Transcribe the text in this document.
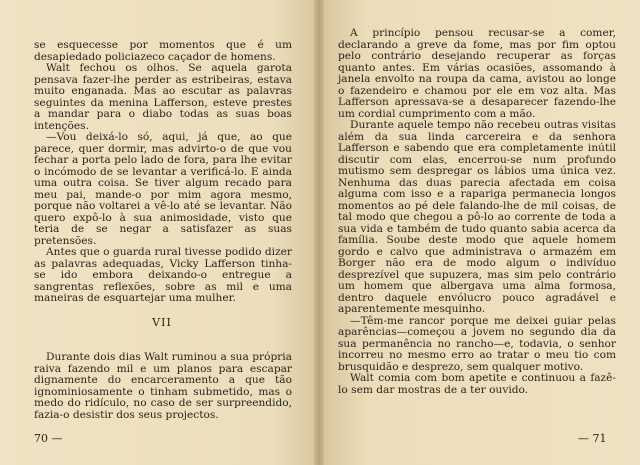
se esquecesse por momentos que é um desapiedado policiazeco caçador de homens.

Walt fechou os olhos. Se aquela garota pensava fazer-lhe perder as estribeiras, estava muito enganada. Mas ao escutar as palavras seguintes da menina Lafferson, esteve prestes a mandar para o diabo todas as suas boas intenções.

—Vou deixá-lo só, aqui, já que, ao que parece, quer dormir, mas advirto-o de que vou fechar a porta pelo lado de fora, para lhe evitar o incómodo de se levantar a verificá-lo. E ainda uma outra coisa. Se tiver algum recado para meu pai, mande-o por mim agora mesmo, porque não voltarei a vê-lo até se levantar. Não quero expô-lo à sua animosidade, visto que teria de se negar a satisfazer as suas pretensões.

Antes que o guarda rural tivesse podido dizer as palavras adequadas, Vicky Lafferson tinha-se ido embora deixando-o entregue a sangrentas reflexões, sobre as mil e uma maneiras de esquartejar uma mulher.

VII

Durante dois dias Walt ruminou a sua própria raiva fazendo mil e um planos para escapar dignamente do encarceramento a que tão ignominiosamente o tinham submetido, mas o medo do ridículo, no caso de ser surpreendido, fazia-o desistir dos seus projectos.

70 —

A princípio pensou recusar-se a comer, declarando a greve da fome, mas por fim optou pelo contrário desejando recuperar as forças quanto antes. Em várias ocasiões, assomando à janela envolto na roupa da cama, avistou ao longe o fazendeiro e chamou por ele em voz alta. Mas Lafferson apressava-se a desaparecer fazendo-lhe um cordial cumprimento com a mão.

Durante aquele tempo não recebeu outras visitas além da sua linda carcereira e da senhora Lafferson e sabendo que era completamente inútil discutir com elas, encerrou-se num profundo mutismo sem despregar os lábios uma única vez. Nenhuma das duas parecia afectada em coisa alguma com isso e a rapariga permanecia longos momentos ao pé dele falando-lhe de mil coisas, de tal modo que chegou a pô-lo ao corrente de toda a sua vida e também de tudo quanto sabia acerca da família. Soube deste modo que aquele homem gordo e calvo que administrava o armazém em Borger não era de modo algum o indivíduo desprezível que supuzera, mas sim pelo contrário um homem que albergava uma alma formosa, dentro daquele envólucro pouco agradável e aparentemente mesquinho.

—Têm-me rancor porque me deixei guiar pelas aparências—começou a jovem no segundo dia da sua permanência no rancho—e, todavia, o senhor incorreu no mesmo erro ao tratar o meu tio com brusquidão e desprezo, sem qualquer motivo.

Walt comia com bom apetite e continuou a fazê-lo sem dar mostras de a ter ouvido.

— 71
